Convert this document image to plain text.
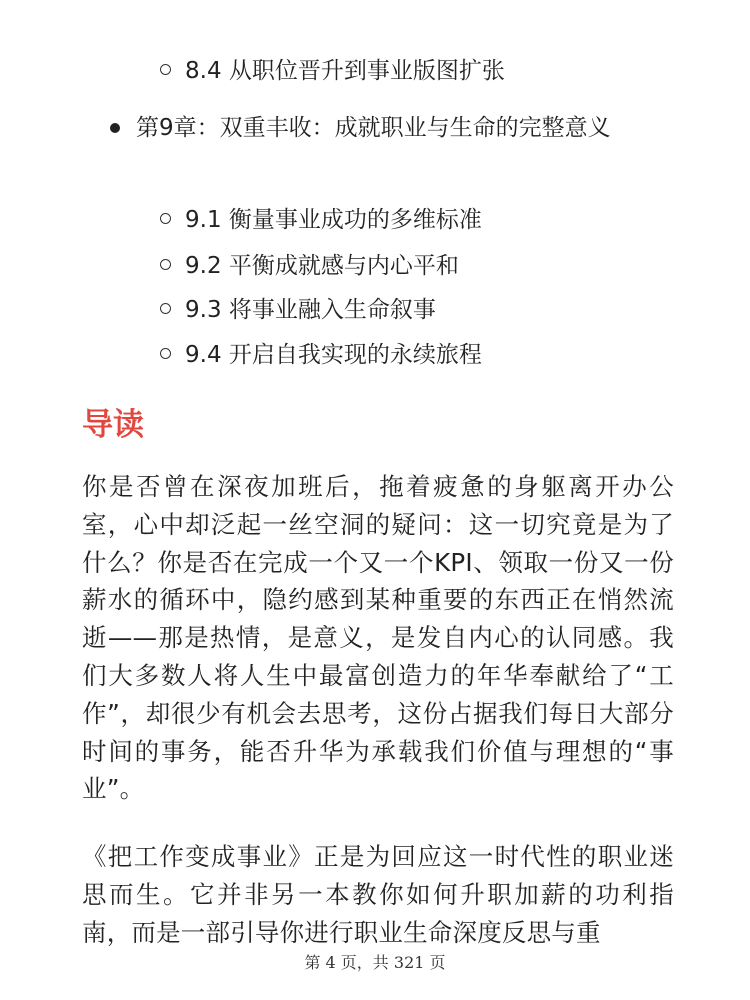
8.4 从职位晋升到事业版图扩张
第9章：双重丰收：成就职业与生命的完整意义
9.1 衡量事业成功的多维标准
9.2 平衡成就感与内心平和
9.3 将事业融入生命叙事
9.4 开启自我实现的永续旅程
导读
你是否曾在深夜加班后，拖着疲惫的身躯离开办公室，心中却泛起一丝空洞的疑问：这一切究竟是为了什么？你是否在完成一个又一个KPI、领取一份又一份薪水的循环中，隐约感到某种重要的东西正在悄然流逝——那是热情，是意义，是发自内心的认同感。我们大多数人将人生中最富创造力的年华奉献给了“工作”，却很少有机会去思考，这份占据我们每日大部分时间的事务，能否升华为承载我们价值与理想的“事业”。
《把工作变成事业》正是为回应这一时代性的职业迷思而生。它并非另一本教你如何升职加薪的功利指南，而是一部引导你进行职业生命深度反思与重
第 4 页，共 321 页
